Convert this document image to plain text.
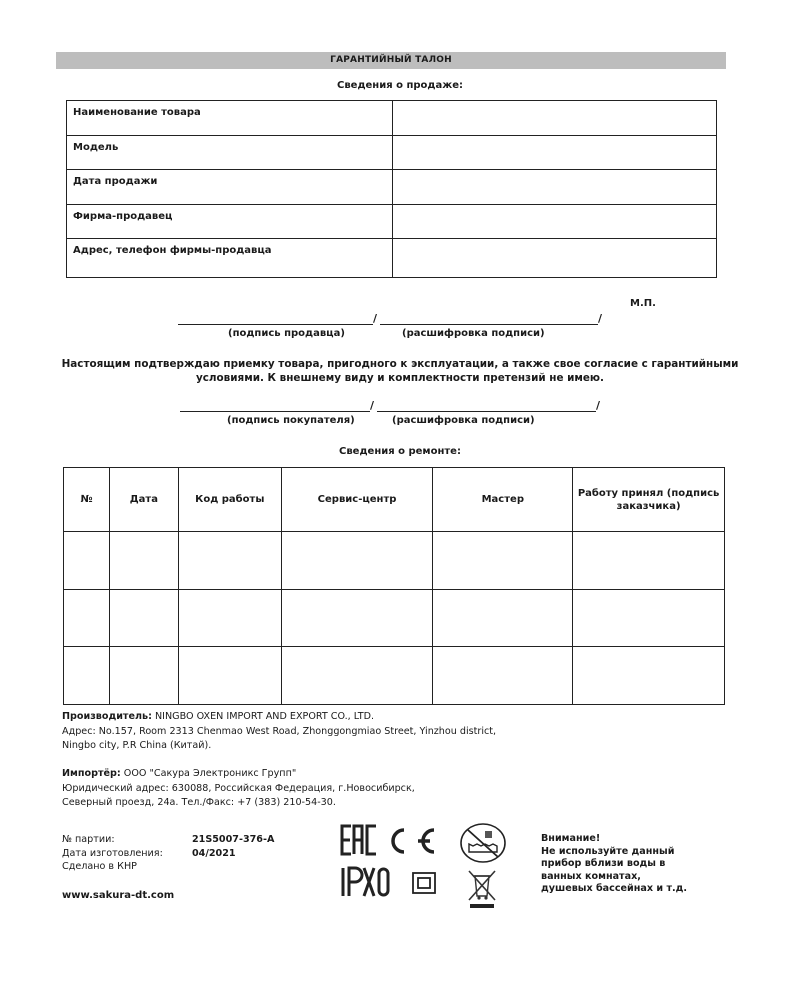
ГАРАНТИЙНЫЙ ТАЛОН
Сведения о продаже:
Наименование товара	
Модель	
Дата продажи	
Фирма-продавец	
Адрес, телефон фирмы-продавца	
М.П.
/	/
(подпись продавца)	(расшифровка подписи)
Настоящим подтверждаю приемку товара, пригодного к эксплуатации, а также свое согласие с гарантийными условиями. К внешнему виду и комплектности претензий не имею.
/	/
(подпись покупателя)	(расшифровка подписи)
Сведения о ремонте:
№	Дата	Код работы	Сервис-центр	Мастер	Работу принял (подпись заказчика)

Производитель: NINGBO OXEN IMPORT AND EXPORT CO., LTD.
Адрес: No.157, Room 2313 Chenmao West Road, Zhonggongmiao Street, Yinzhou district,
Ningbo city, P.R China (Китай).
Импортёр: ООО "Сакура Электроникс Групп"
Юридический адрес: 630088, Российская Федерация, г.Новосибирск,
Северный проезд, 24а. Тел./Факс: +7 (383) 210-54-30.
№ партии:	21S5007-376-A
Дата изготовления:	04/2021
Сделано в КНР
www.sakura-dt.com
Внимание!
Не используйте данный
прибор вблизи воды в
ванных комнатах,
душевых бассейнах и т.д.
